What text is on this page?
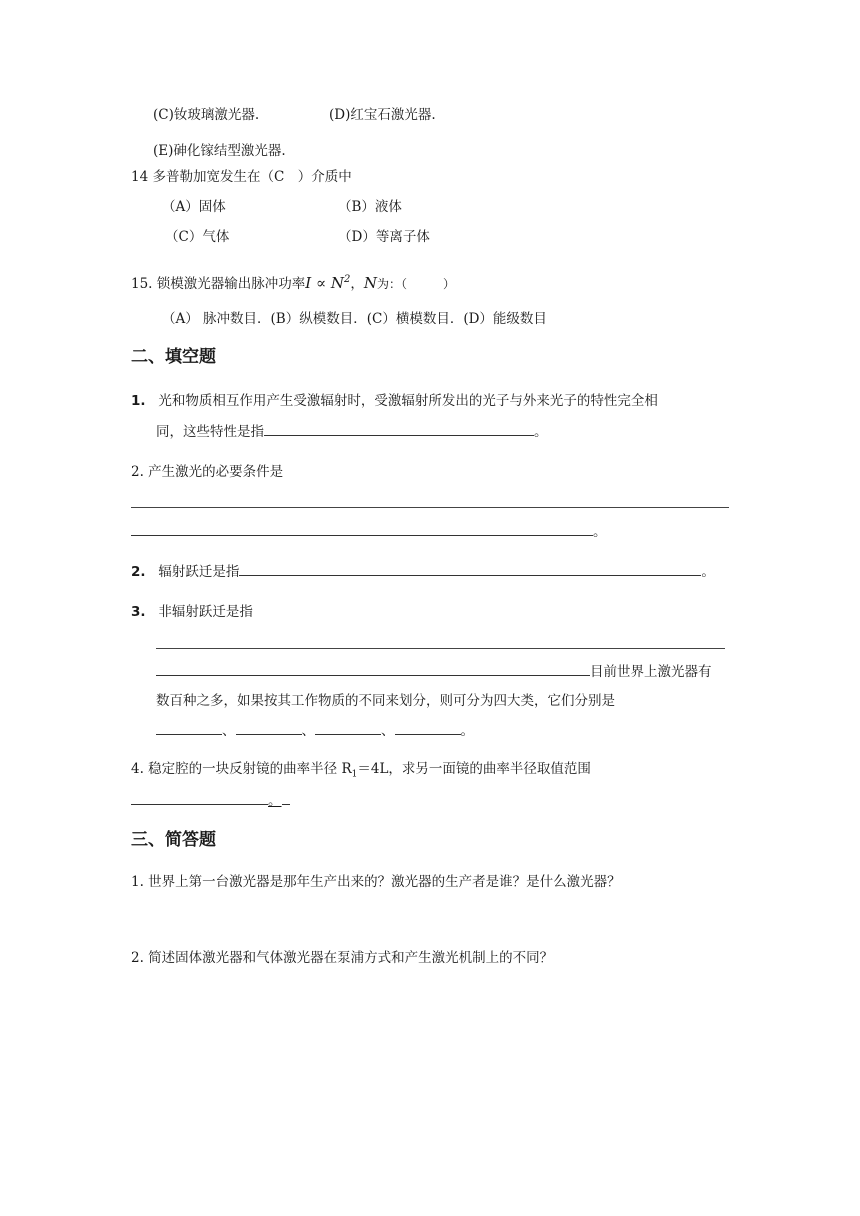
(C)钕玻璃激光器.	(D)红宝石激光器.
(E)砷化镓结型激光器.
14 多普勒加宽发生在（C　）介质中
（A）固体	（B）液体
（C）气体	（D）等离子体
15. 锁模激光器输出脉冲功率$I \propto N^2$，N为：（　　　）
（A） 脉冲数目．(B）纵模数目．(C）横模数目．(D）能级数目
二、填空题
1. 光和物质相互作用产生受激辐射时，受激辐射所发出的光子与外来光子的特性完全相
同，这些特性是指	。
2. 产生激光的必要条件是
。
2. 辐射跃迁是指	。
3. 非辐射跃迁是指
目前世界上激光器有
数百种之多，如果按其工作物质的不同来划分，则可分为四大类，它们分别是
、	、	、	。
4. 稳定腔的一块反射镜的曲率半径 $R_1=4L$，求另一面镜的曲率半径取值范围
。
三、简答题
1. 世界上第一台激光器是那年生产出来的？激光器的生产者是谁？是什么激光器？
2. 简述固体激光器和气体激光器在泵浦方式和产生激光机制上的不同？
